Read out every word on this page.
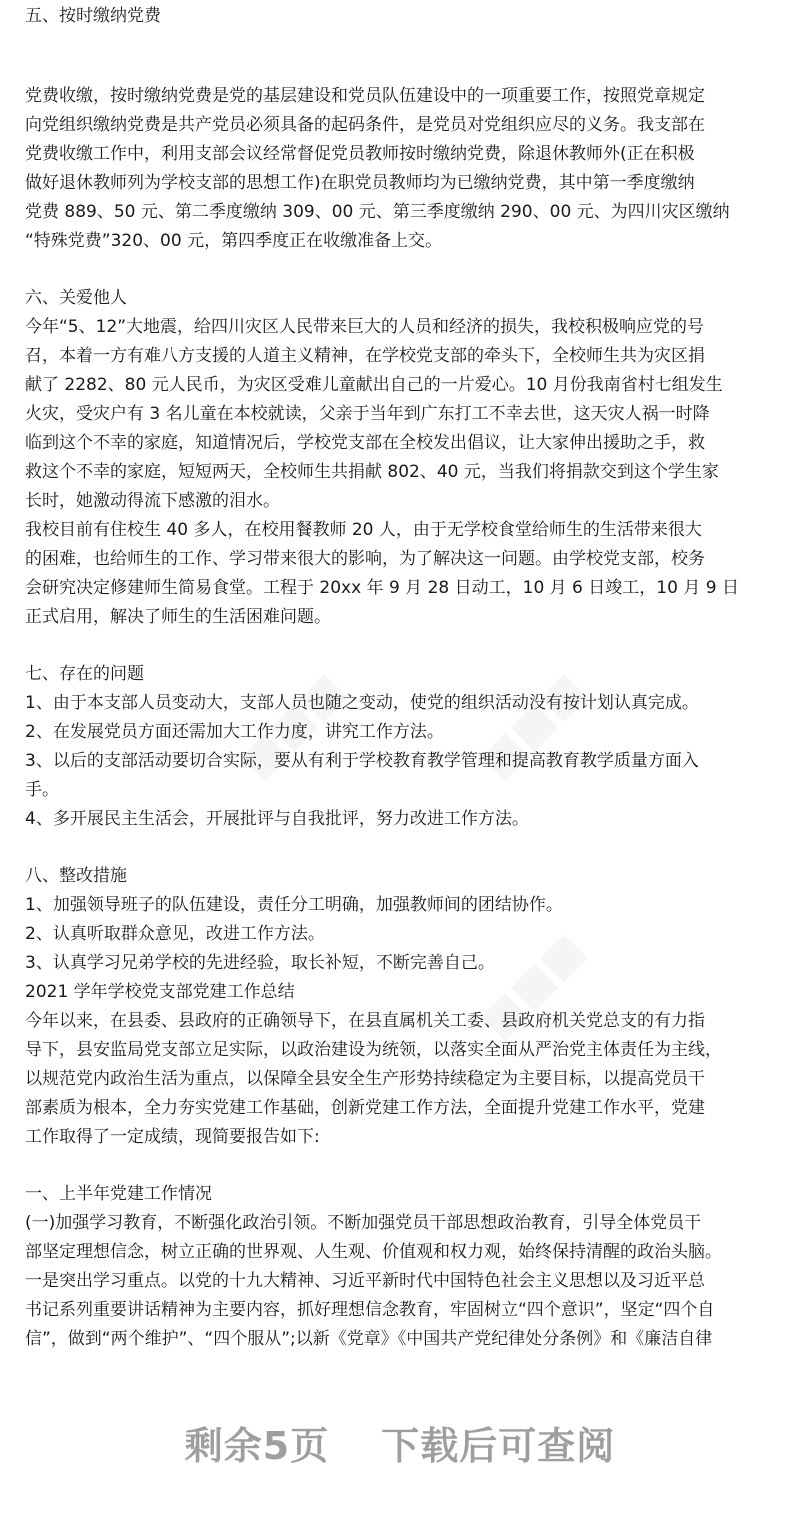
■■■	■■■
■■■
五、按时缴纳党费
党费收缴，按时缴纳党费是党的基层建设和党员队伍建设中的一项重要工作，按照党章规定
向党组织缴纳党费是共产党员必须具备的起码条件，是党员对党组织应尽的义务。我支部在
党费收缴工作中，利用支部会议经常督促党员教师按时缴纳党费，除退休教师外(正在积极
做好退休教师列为学校支部的思想工作)在职党员教师均为已缴纳党费，其中第一季度缴纳
党费 889、50 元、第二季度缴纳 309、00 元、第三季度缴纳 290、00 元、为四川灾区缴纳
“特殊党费”320、00 元，第四季度正在收缴准备上交。
六、关爱他人
今年“5、12”大地震，给四川灾区人民带来巨大的人员和经济的损失，我校积极响应党的号
召，本着一方有难八方支援的人道主义精神，在学校党支部的牵头下，全校师生共为灾区捐
献了 2282、80 元人民币，为灾区受难儿童献出自己的一片爱心。10 月份我南省村七组发生
火灾，受灾户有 3 名儿童在本校就读，父亲于当年到广东打工不幸去世，这天灾人祸一时降
临到这个不幸的家庭，知道情况后，学校党支部在全校发出倡议，让大家伸出援助之手，救
救这个不幸的家庭，短短两天，全校师生共捐献 802、40 元，当我们将捐款交到这个学生家
长时，她激动得流下感激的泪水。
我校目前有住校生 40 多人，在校用餐教师 20 人，由于无学校食堂给师生的生活带来很大
的困难，也给师生的工作、学习带来很大的影响，为了解决这一问题。由学校党支部，校务
会研究决定修建师生简易食堂。工程于 20xx 年 9 月 28 日动工，10 月 6 日竣工，10 月 9 日
正式启用，解决了师生的生活困难问题。
七、存在的问题
1、由于本支部人员变动大，支部人员也随之变动，使党的组织活动没有按计划认真完成。
2、在发展党员方面还需加大工作力度，讲究工作方法。
3、以后的支部活动要切合实际，要从有利于学校教育教学管理和提高教育教学质量方面入
手。
4、多开展民主生活会，开展批评与自我批评，努力改进工作方法。
八、整改措施
1、加强领导班子的队伍建设，责任分工明确，加强教师间的团结协作。
2、认真听取群众意见，改进工作方法。
3、认真学习兄弟学校的先进经验，取长补短，不断完善自己。
2021 学年学校党支部党建工作总结
今年以来，在县委、县政府的正确领导下，在县直属机关工委、县政府机关党总支的有力指
导下，县安监局党支部立足实际，以政治建设为统领，以落实全面从严治党主体责任为主线，
以规范党内政治生活为重点，以保障全县安全生产形势持续稳定为主要目标，以提高党员干
部素质为根本，全力夯实党建工作基础，创新党建工作方法，全面提升党建工作水平，党建
工作取得了一定成绩，现简要报告如下:
一、上半年党建工作情况
(一)加强学习教育，不断强化政治引领。不断加强党员干部思想政治教育，引导全体党员干
部坚定理想信念，树立正确的世界观、人生观、价值观和权力观，始终保持清醒的政治头脑。
一是突出学习重点。以党的十九大精神、习近平新时代中国特色社会主义思想以及习近平总
书记系列重要讲话精神为主要内容，抓好理想信念教育，牢固树立“四个意识”，坚定“四个自
信”，做到“两个维护”、“四个服从”;以新《党章》《中国共产党纪律处分条例》和《廉洁自律
剩余5页 下载后可查阅
